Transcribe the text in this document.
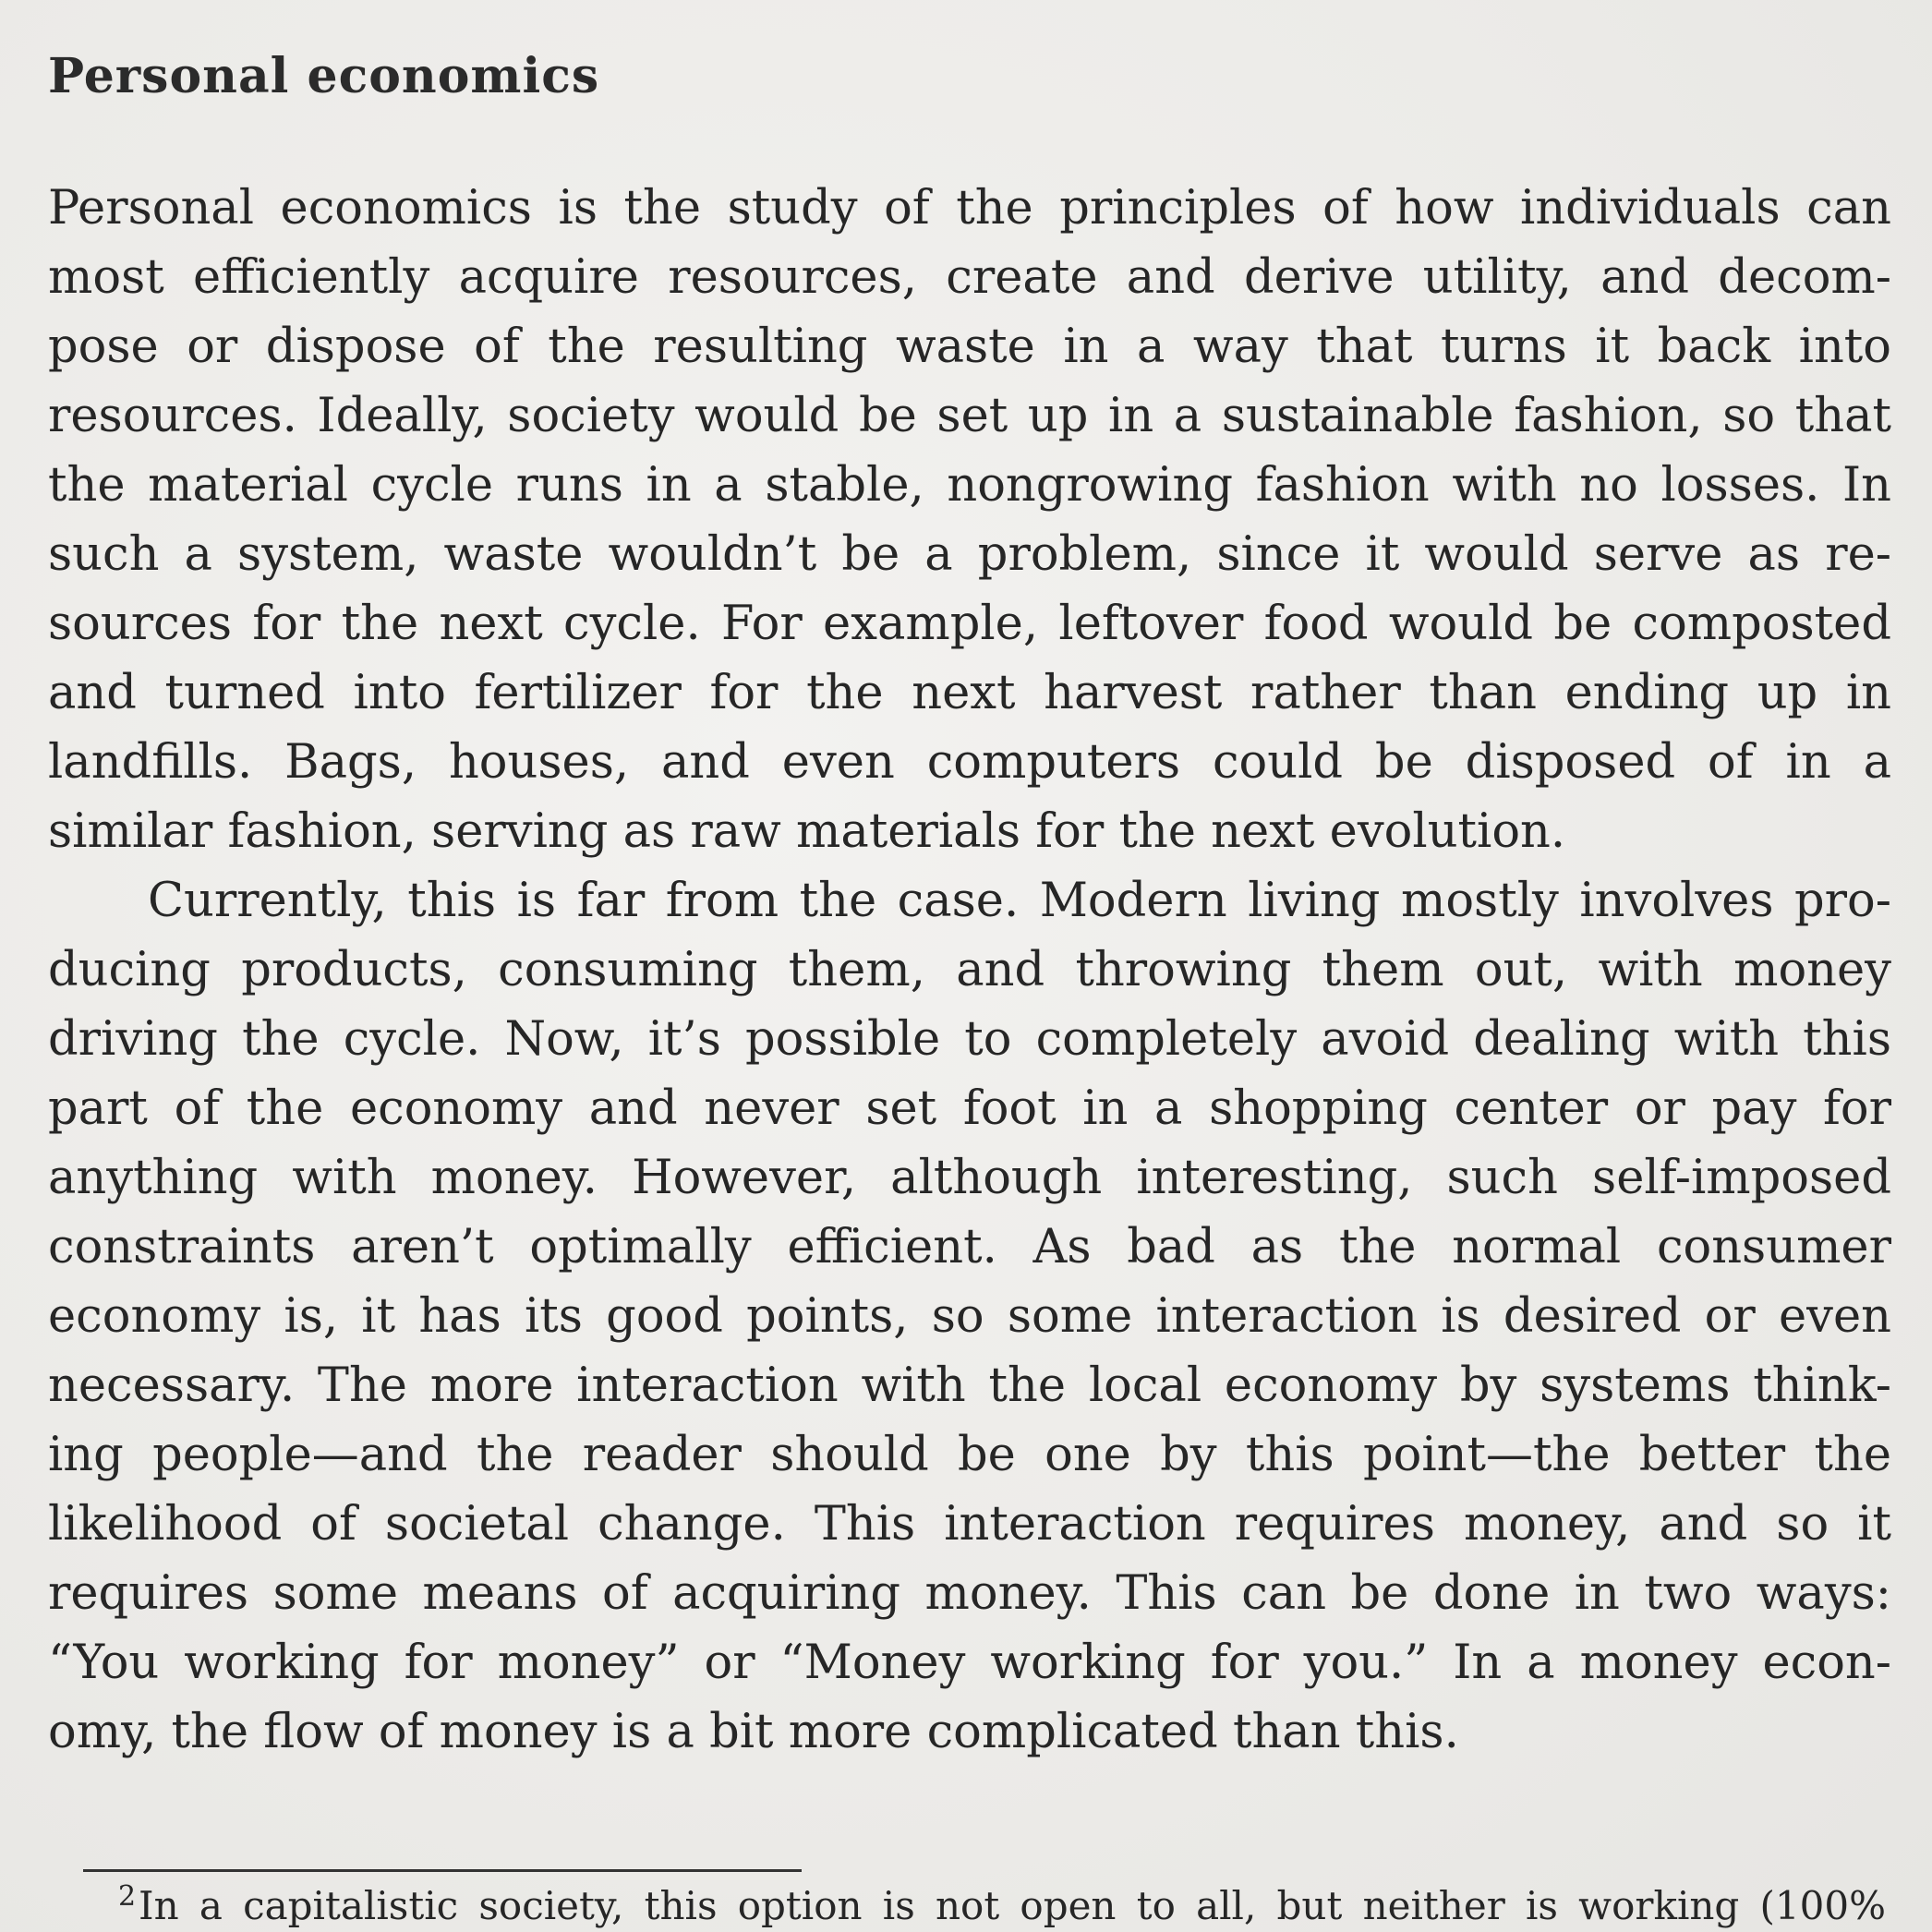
Personal economics
Personal economics is the study of the principles of how individuals can
most efficiently acquire resources, create and derive utility, and decom-
pose or dispose of the resulting waste in a way that turns it back into
resources. Ideally, society would be set up in a sustainable fashion, so that
the material cycle runs in a stable, nongrowing fashion with no losses. In
such a system, waste wouldn’t be a problem, since it would serve as re-
sources for the next cycle. For example, leftover food would be composted
and turned into fertilizer for the next harvest rather than ending up in
landfills. Bags, houses, and even computers could be disposed of in a
similar fashion, serving as raw materials for the next evolution.
Currently, this is far from the case. Modern living mostly involves pro-
ducing products, consuming them, and throwing them out, with money
driving the cycle. Now, it’s possible to completely avoid dealing with this
part of the economy and never set foot in a shopping center or pay for
anything with money. However, although interesting, such self-imposed
constraints aren’t optimally efficient. As bad as the normal consumer
economy is, it has its good points, so some interaction is desired or even
necessary. The more interaction with the local economy by systems think-
ing people—and the reader should be one by this point—the better the
likelihood of societal change. This interaction requires money, and so it
requires some means of acquiring money. This can be done in two ways:
“You working for money” or “Money working for you.” In a money econ-
omy, the flow of money is a bit more complicated than this.
2 In a capitalistic society, this option is not open to all, but neither is working (100%
